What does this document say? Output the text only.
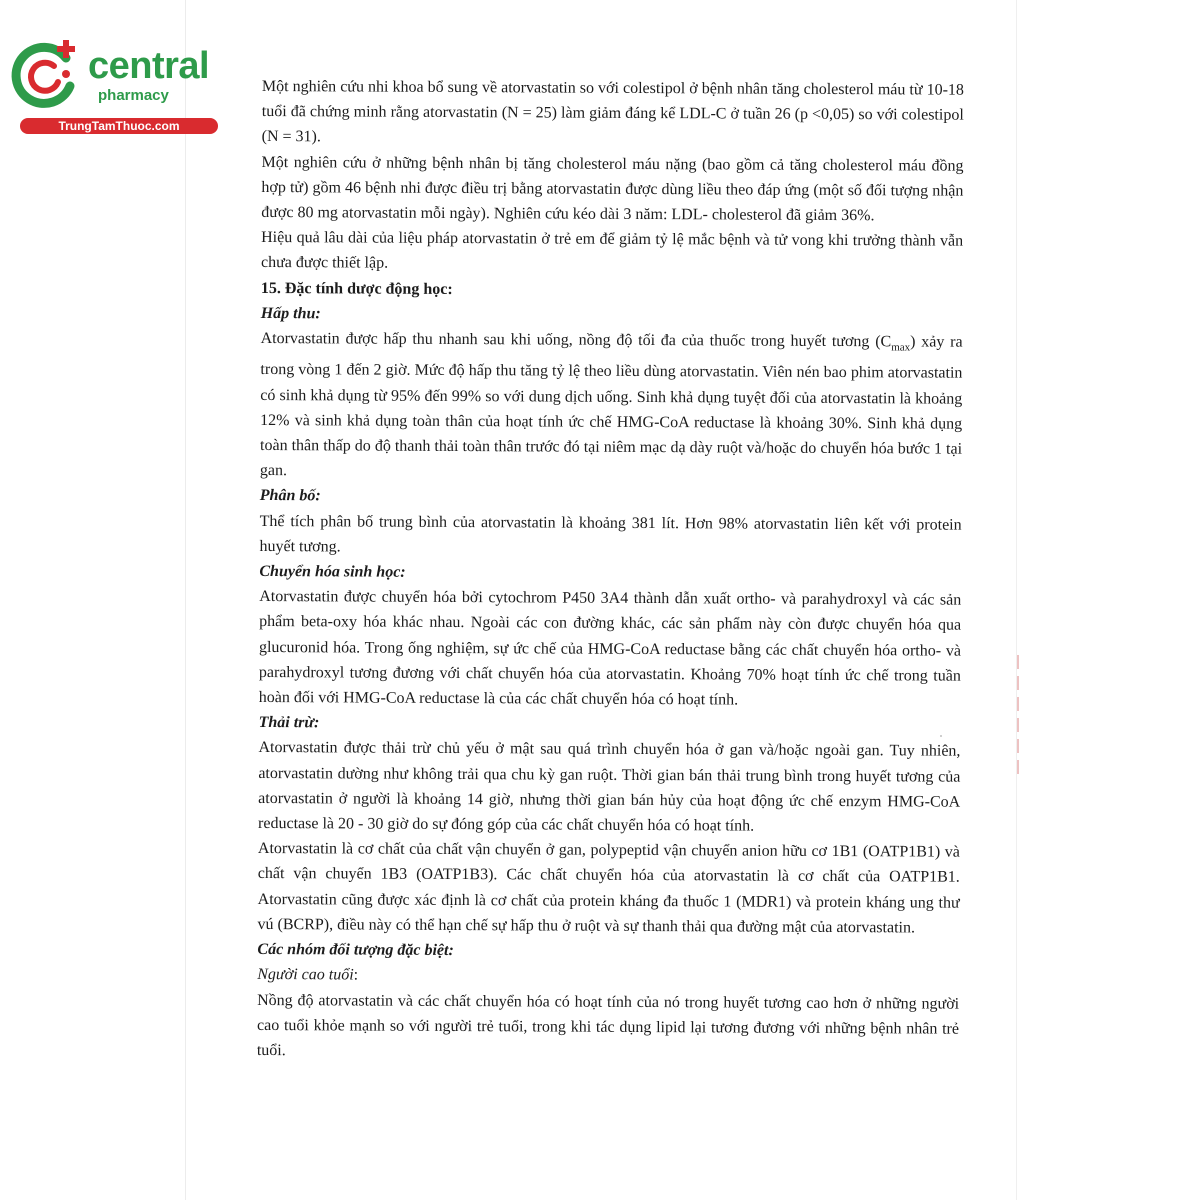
central
pharmacy
TrungTamThuoc.com

Một nghiên cứu nhi khoa bổ sung về atorvastatin so với colestipol ở bệnh nhân tăng cholesterol máu từ 10-18 tuổi đã chứng minh rằng atorvastatin (N = 25) làm giảm đáng kể LDL-C ở tuần 26 (p <0,05) so với colestipol (N = 31).

Một nghiên cứu ở những bệnh nhân bị tăng cholesterol máu nặng (bao gồm cả tăng cholesterol máu đồng hợp tử) gồm 46 bệnh nhi được điều trị bằng atorvastatin được dùng liều theo đáp ứng (một số đối tượng nhận được 80 mg atorvastatin mỗi ngày). Nghiên cứu kéo dài 3 năm: LDL- cholesterol đã giảm 36%.

Hiệu quả lâu dài của liệu pháp atorvastatin ở trẻ em để giảm tỷ lệ mắc bệnh và tử vong khi trưởng thành vẫn chưa được thiết lập.

15. Đặc tính dược động học:

Hấp thu:

Atorvastatin được hấp thu nhanh sau khi uống, nồng độ tối đa của thuốc trong huyết tương $(C_{max})$ xảy ra trong vòng 1 đến 2 giờ. Mức độ hấp thu tăng tỷ lệ theo liều dùng atorvastatin. Viên nén bao phim atorvastatin có sinh khả dụng từ 95% đến 99% so với dung dịch uống. Sinh khả dụng tuyệt đối của atorvastatin là khoảng 12% và sinh khả dụng toàn thân của hoạt tính ức chế HMG-CoA reductase là khoảng 30%. Sinh khả dụng toàn thân thấp do độ thanh thải toàn thân trước đó tại niêm mạc dạ dày ruột và/hoặc do chuyển hóa bước 1 tại gan.

Phân bố:

Thể tích phân bố trung bình của atorvastatin là khoảng 381 lít. Hơn 98% atorvastatin liên kết với protein huyết tương.

Chuyển hóa sinh học:

Atorvastatin được chuyển hóa bởi cytochrom P450 3A4 thành dẫn xuất ortho- và parahydroxyl và các sản phẩm beta-oxy hóa khác nhau. Ngoài các con đường khác, các sản phẩm này còn được chuyển hóa qua glucuronid hóa. Trong ống nghiệm, sự ức chế của HMG-CoA reductase bằng các chất chuyển hóa ortho- và parahydroxyl tương đương với chất chuyển hóa của atorvastatin. Khoảng 70% hoạt tính ức chế trong tuần hoàn đối với HMG-CoA reductase là của các chất chuyển hóa có hoạt tính.

Thải trừ:

Atorvastatin được thải trừ chủ yếu ở mật sau quá trình chuyển hóa ở gan và/hoặc ngoài gan. Tuy nhiên, atorvastatin dường như không trải qua chu kỳ gan ruột. Thời gian bán thải trung bình trong huyết tương của atorvastatin ở người là khoảng 14 giờ, nhưng thời gian bán hủy của hoạt động ức chế enzym HMG-CoA reductase là 20 - 30 giờ do sự đóng góp của các chất chuyển hóa có hoạt tính.

Atorvastatin là cơ chất của chất vận chuyển ở gan, polypeptid vận chuyển anion hữu cơ 1B1 (OATP1B1) và chất vận chuyển 1B3 (OATP1B3). Các chất chuyển hóa của atorvastatin là cơ chất của OATP1B1. Atorvastatin cũng được xác định là cơ chất của protein kháng đa thuốc 1 (MDR1) và protein kháng ung thư vú (BCRP), điều này có thể hạn chế sự hấp thu ở ruột và sự thanh thải qua đường mật của atorvastatin.

Các nhóm đối tượng đặc biệt:

Người cao tuổi:

Nồng độ atorvastatin và các chất chuyển hóa có hoạt tính của nó trong huyết tương cao hơn ở những người cao tuổi khỏe mạnh so với người trẻ tuổi, trong khi tác dụng lipid lại tương đương với những bệnh nhân trẻ tuổi.
